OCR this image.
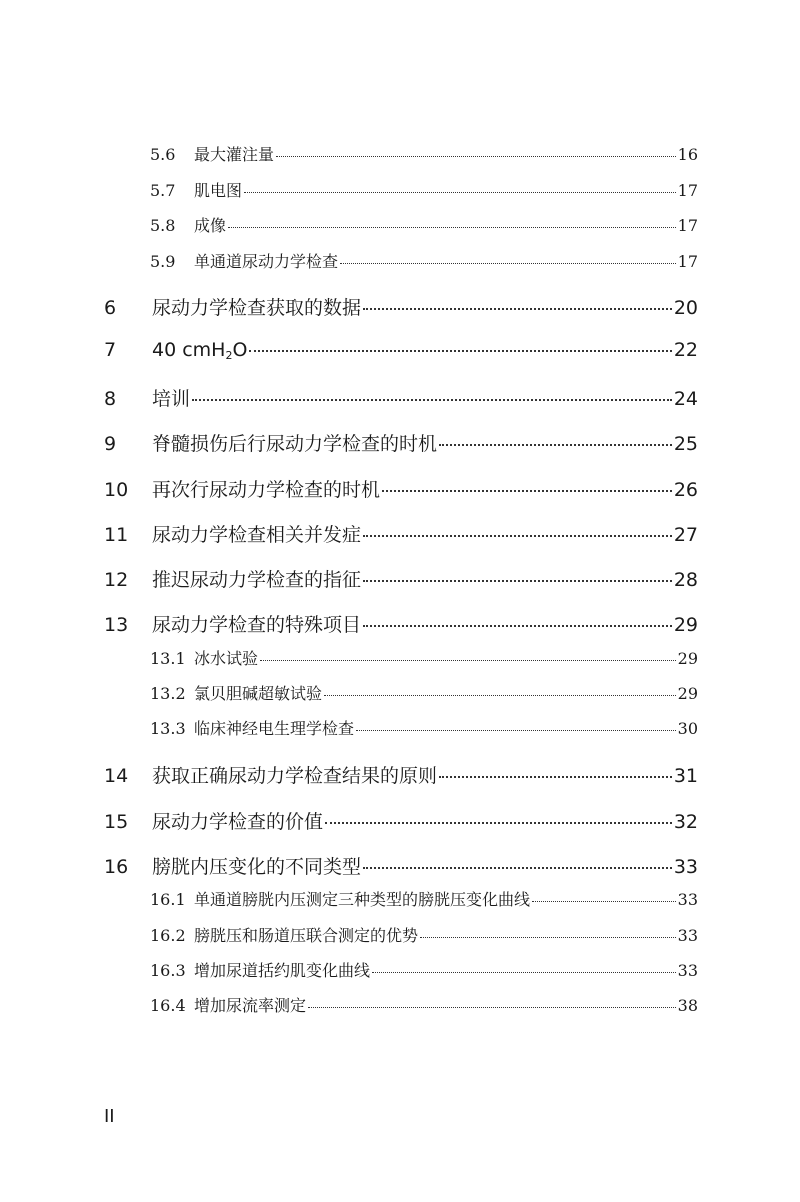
5.6	最大灌注量	16
5.7	肌电图	17
5.8	成像	17
5.9	单通道尿动力学检查	17
6	尿动力学检查获取的数据	20
7	40 cmH$_2$O	22
8	培训	24
9	脊髓损伤后行尿动力学检查的时机	25
10	再次行尿动力学检查的时机	26
11	尿动力学检查相关并发症	27
12	推迟尿动力学检查的指征	28
13	尿动力学检查的特殊项目	29
13.1 冰水试验	29
13.2 氯贝胆碱超敏试验	29
13.3 临床神经电生理学检查	30
14	获取正确尿动力学检查结果的原则	31
15	尿动力学检查的价值	32
16	膀胱内压变化的不同类型	33
16.1 单通道膀胱内压测定三种类型的膀胱压变化曲线	33
16.2 膀胱压和肠道压联合测定的优势	33
16.3 增加尿道括约肌变化曲线	33
16.4 增加尿流率测定	38
II
